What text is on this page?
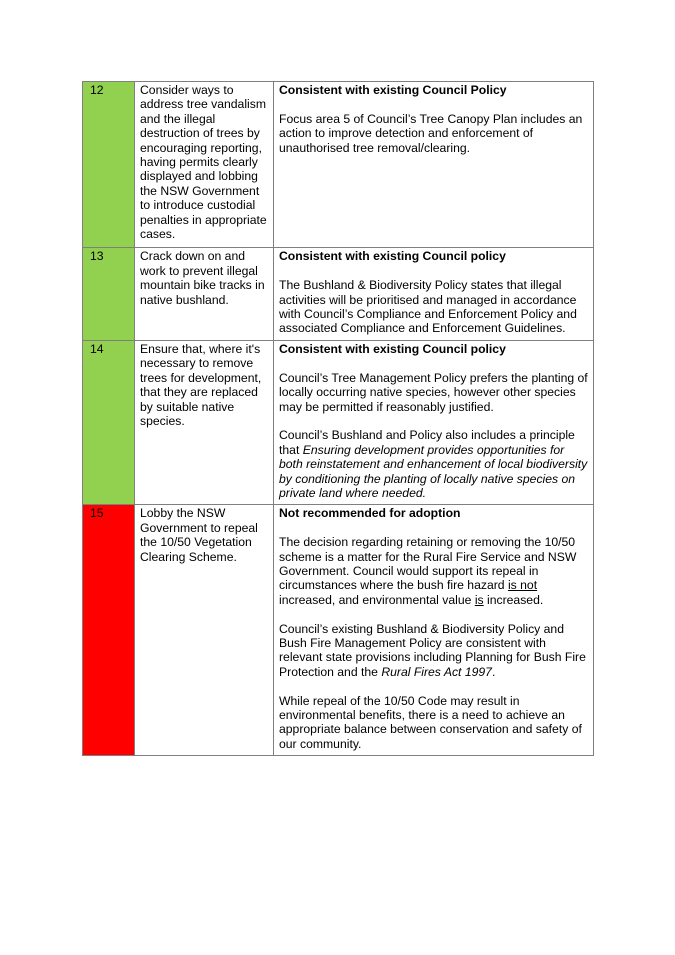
12	Consider ways to address tree vandalism and the illegal destruction of trees by encouraging reporting, having permits clearly displayed and lobbing the NSW Government to introduce custodial penalties in appropriate cases.	Consistent with existing Council Policy
Focus area 5 of Council’s Tree Canopy Plan includes an action to improve detection and enforcement of unauthorised tree removal/clearing.

13	Crack down on and work to prevent illegal mountain bike tracks in native bushland.	Consistent with existing Council policy
The Bushland & Biodiversity Policy states that illegal activities will be prioritised and managed in accordance with Council’s Compliance and Enforcement Policy and associated Compliance and Enforcement Guidelines.

14	Ensure that, where it's necessary to remove trees for development, that they are replaced by suitable native species.	Consistent with existing Council policy
Council’s Tree Management Policy prefers the planting of locally occurring native species, however other species may be permitted if reasonably justified.
Council’s Bushland and Policy also includes a principle that Ensuring development provides opportunities for both reinstatement and enhancement of local biodiversity by conditioning the planting of locally native species on private land where needed.

15	Lobby the NSW Government to repeal the 10/50 Vegetation Clearing Scheme.	Not recommended for adoption
The decision regarding retaining or removing the 10/50 scheme is a matter for the Rural Fire Service and NSW Government. Council would support its repeal in circumstances where the bush fire hazard is not increased, and environmental value is increased.
Council’s existing Bushland & Biodiversity Policy and Bush Fire Management Policy are consistent with relevant state provisions including Planning for Bush Fire Protection and the Rural Fires Act 1997.
While repeal of the 10/50 Code may result in environmental benefits, there is a need to achieve an appropriate balance between conservation and safety of our community.
